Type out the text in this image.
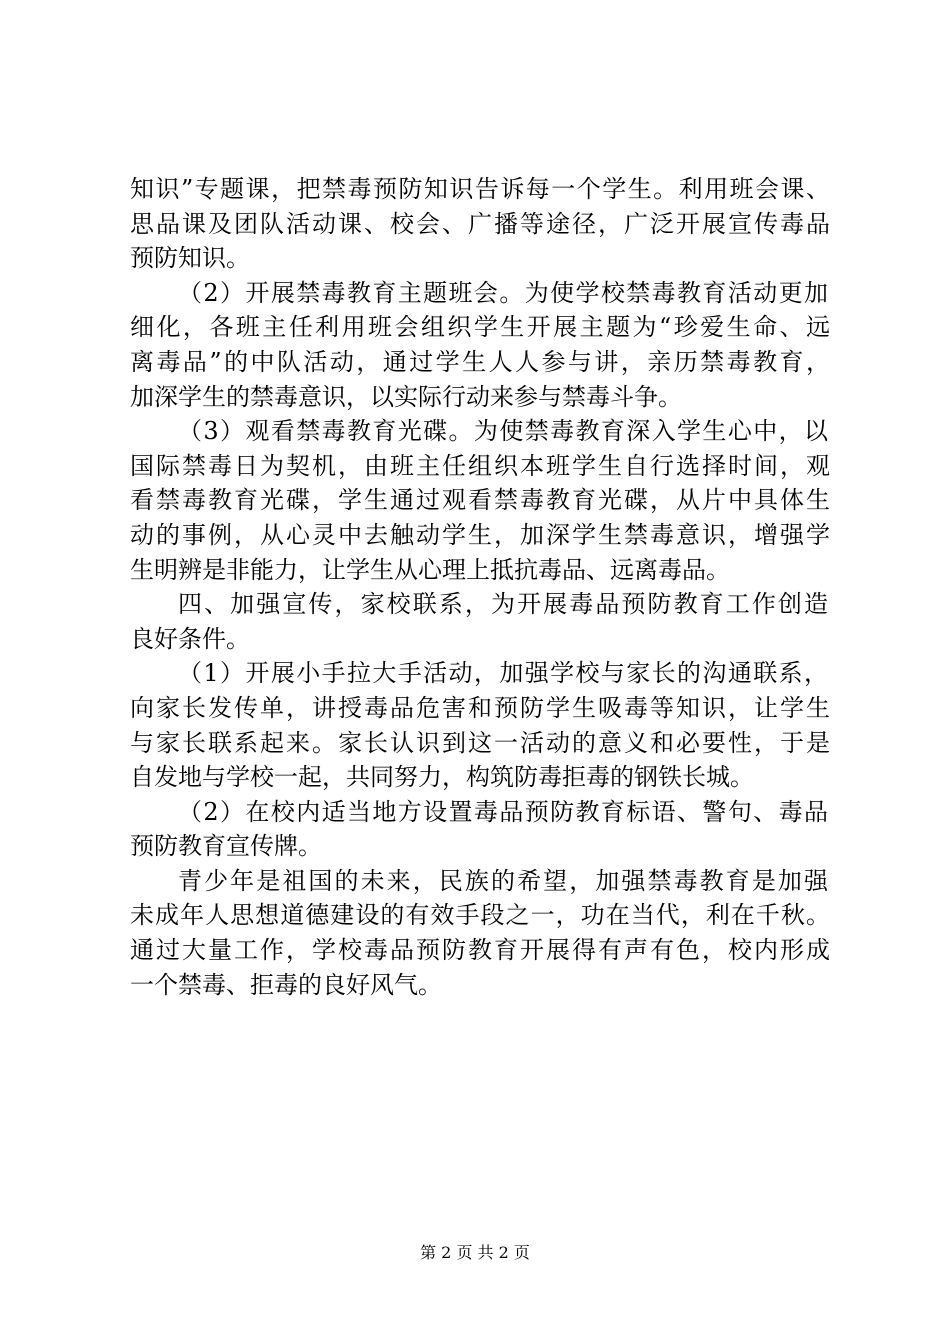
知识”专题课，把禁毒预防知识告诉每一个学生。利用班会课、
思品课及团队活动课、校会、广播等途径，广泛开展宣传毒品
预防知识。
（2）开展禁毒教育主题班会。为使学校禁毒教育活动更加
细化，各班主任利用班会组织学生开展主题为“珍爱生命、远
离毒品”的中队活动，通过学生人人参与讲，亲历禁毒教育，
加深学生的禁毒意识，以实际行动来参与禁毒斗争。
（3）观看禁毒教育光碟。为使禁毒教育深入学生心中，以
国际禁毒日为契机，由班主任组织本班学生自行选择时间，观
看禁毒教育光碟，学生通过观看禁毒教育光碟，从片中具体生
动的事例，从心灵中去触动学生，加深学生禁毒意识，增强学
生明辨是非能力，让学生从心理上抵抗毒品、远离毒品。
四、加强宣传，家校联系，为开展毒品预防教育工作创造
良好条件。
（1）开展小手拉大手活动，加强学校与家长的沟通联系，
向家长发传单，讲授毒品危害和预防学生吸毒等知识，让学生
与家长联系起来。家长认识到这一活动的意义和必要性，于是
自发地与学校一起，共同努力，构筑防毒拒毒的钢铁长城。
（2）在校内适当地方设置毒品预防教育标语、警句、毒品
预防教育宣传牌。
青少年是祖国的未来，民族的希望，加强禁毒教育是加强
未成年人思想道德建设的有效手段之一，功在当代，利在千秋。
通过大量工作，学校毒品预防教育开展得有声有色，校内形成
一个禁毒、拒毒的良好风气。
第 2 页 共 2 页
